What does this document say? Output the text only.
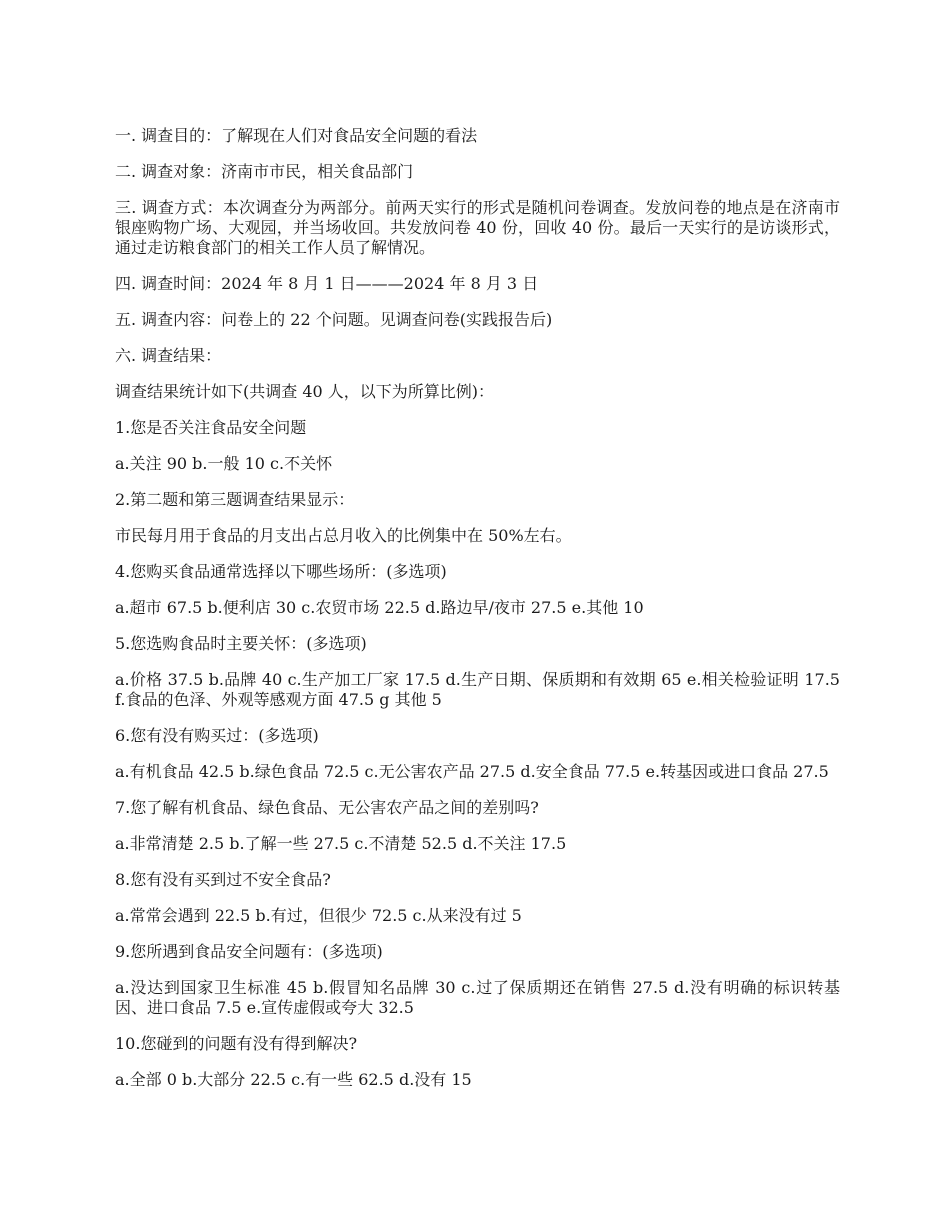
一. 调查目的：了解现在人们对食品安全问题的看法

二. 调查对象：济南市市民，相关食品部门

三. 调查方式：本次调查分为两部分。前两天实行的形式是随机问卷调查。发放问卷的地点是在济南市银座购物广场、大观园，并当场收回。共发放问卷 40 份，回收 40 份。最后一天实行的是访谈形式，通过走访粮食部门的相关工作人员了解情况。

四. 调查时间：2024 年 8 月 1 日———2024 年 8 月 3 日

五. 调查内容：问卷上的 22 个问题。见调查问卷(实践报告后)

六. 调查结果：

调查结果统计如下(共调查 40 人，以下为所算比例)：

1.您是否关注食品安全问题

a.关注 90 b.一般 10 c.不关怀

2.第二题和第三题调查结果显示：

市民每月用于食品的月支出占总月收入的比例集中在 50%左右。

4.您购买食品通常选择以下哪些场所：(多选项)

a.超市 67.5 b.便利店 30 c.农贸市场 22.5 d.路边早/夜市 27.5 e.其他 10

5.您选购食品时主要关怀：(多选项)

a.价格 37.5 b.品牌 40 c.生产加工厂家 17.5 d.生产日期、保质期和有效期 65 e.相关检验证明 17.5 f.食品的色泽、外观等感观方面 47.5 g 其他 5

6.您有没有购买过：(多选项)

a.有机食品 42.5 b.绿色食品 72.5 c.无公害农产品 27.5 d.安全食品 77.5 e.转基因或进口食品 27.5

7.您了解有机食品、绿色食品、无公害农产品之间的差别吗?

a.非常清楚 2.5 b.了解一些 27.5 c.不清楚 52.5 d.不关注 17.5

8.您有没有买到过不安全食品?

a.常常会遇到 22.5 b.有过，但很少 72.5 c.从来没有过 5

9.您所遇到食品安全问题有：(多选项)

a.没达到国家卫生标准 45 b.假冒知名品牌 30 c.过了保质期还在销售 27.5 d.没有明确的标识转基因、进口食品 7.5 e.宣传虚假或夸大 32.5

10.您碰到的问题有没有得到解决?

a.全部 0 b.大部分 22.5 c.有一些 62.5 d.没有 15
